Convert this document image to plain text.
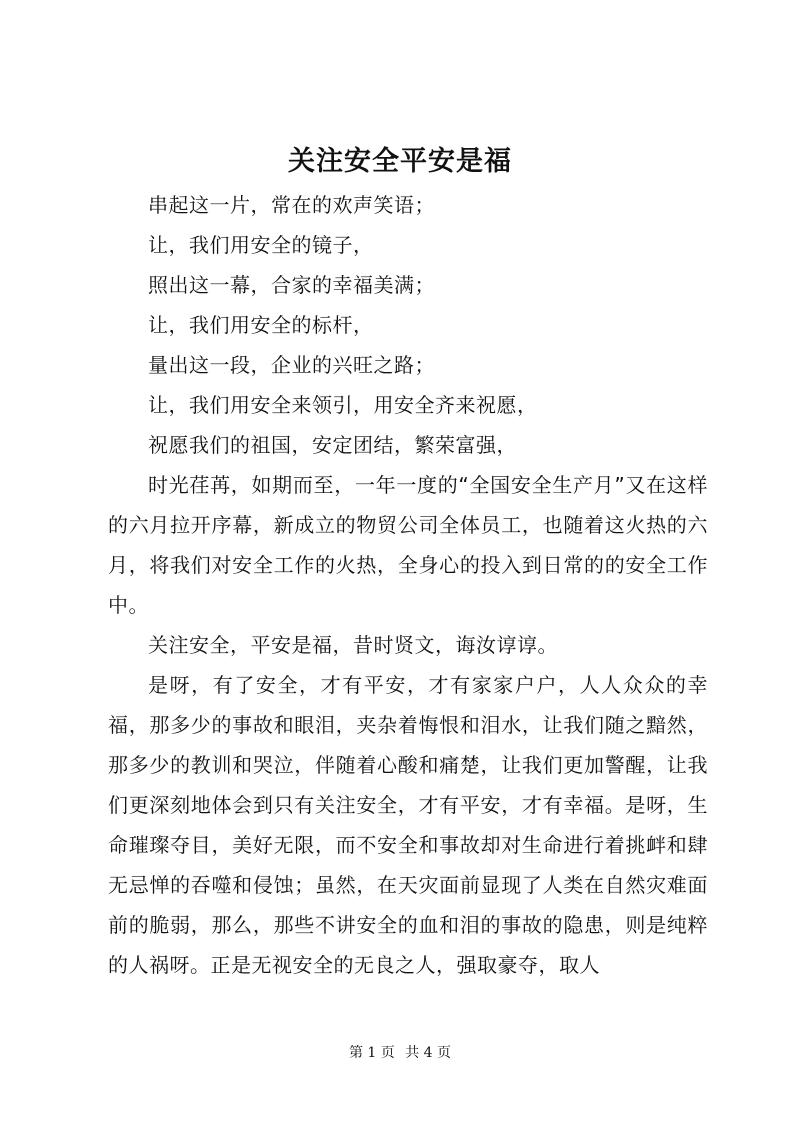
关注安全平安是福

串起这一片，常在的欢声笑语；

让，我们用安全的镜子，

照出这一幕，合家的幸福美满；

让，我们用安全的标杆，

量出这一段，企业的兴旺之路；

让，我们用安全来领引，用安全齐来祝愿，

祝愿我们的祖国，安定团结，繁荣富强，

时光荏苒，如期而至，一年一度的“全国安全生产月”又在这样的六月拉开序幕，新成立的物贸公司全体员工，也随着这火热的六月，将我们对安全工作的火热，全身心的投入到日常的的安全工作中。

关注安全，平安是福，昔时贤文，诲汝谆谆。

是呀，有了安全，才有平安，才有家家户户，人人众众的幸福，那多少的事故和眼泪，夹杂着悔恨和泪水，让我们随之黯然，那多少的教训和哭泣，伴随着心酸和痛楚，让我们更加警醒，让我们更深刻地体会到只有关注安全，才有平安，才有幸福。是呀，生命璀璨夺目，美好无限，而不安全和事故却对生命进行着挑衅和肆无忌惮的吞噬和侵蚀；虽然，在天灾面前显现了人类在自然灾难面前的脆弱，那么，那些不讲安全的血和泪的事故的隐患，则是纯粹的人祸呀。正是无视安全的无良之人，强取豪夺，取人

第 1 页 共 4 页
